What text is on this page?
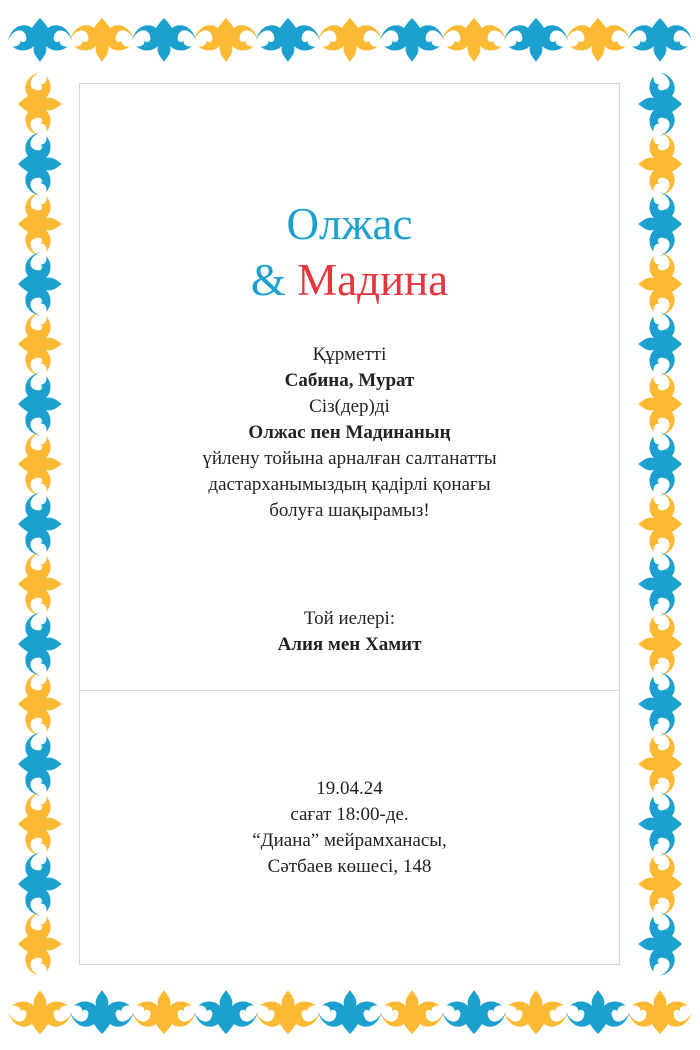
Олжас
& Мадина
Құрметті
Сабина, Мурат
Сіз(дер)ді
Олжас пен Мадинаның
үйлену тойына арналған салтанатты
дастарханымыздың қадірлі қонағы
болуға шақырамыз!
Той иелері:
Алия мен Хамит
19.04.24
сағат 18:00-де.
“Диана” мейрамханасы,
Сәтбаев көшесі, 148
